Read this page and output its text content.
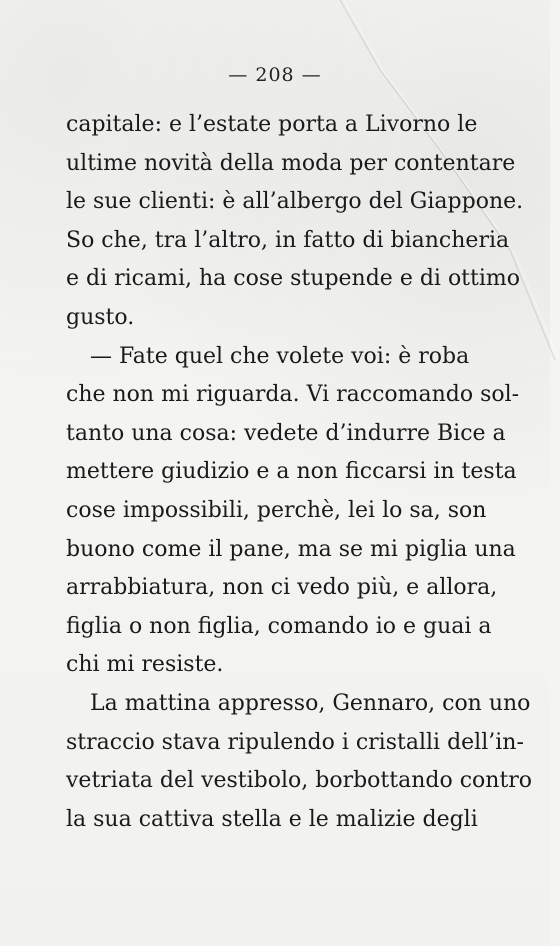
— 208 —
capitale: e l’estate porta a Livorno le
ultime novità della moda per contentare
le sue clienti: è all’albergo del Giappone.
So che, tra l’altro, in fatto di biancheria
e di ricami, ha cose stupende e di ottimo
gusto.
— Fate quel che volete voi: è roba
che non mi riguarda. Vi raccomando sol-
tanto una cosa: vedete d’indurre Bice a
mettere giudizio e a non ficcarsi in testa
cose impossibili, perchè, lei lo sa, son
buono come il pane, ma se mi piglia una
arrabbiatura, non ci vedo più, e allora,
figlia o non figlia, comando io e guai a
chi mi resiste.
La mattina appresso, Gennaro, con uno
straccio stava ripulendo i cristalli dell’in-
vetriata del vestibolo, borbottando contro
la sua cattiva stella e le malizie degli
